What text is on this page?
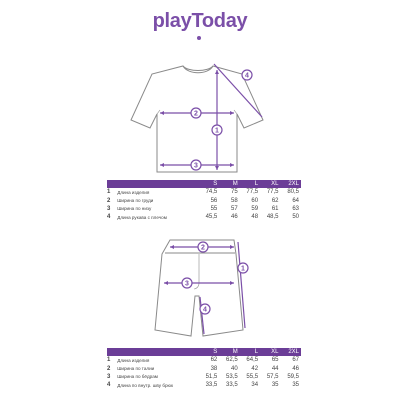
playToday
2
1
3
4
		S	M	L	XL	2XL
1	Длина изделия	74,5	75	77,5	77,5	80,5
2	Ширина по груди	56	58	60	62	64
3	Ширина по низу	55	57	59	61	63
4	Длина рукава с плечом	45,5	46	48	48,5	50
2
1
3
4
		S	M	L	XL	2XL
1	Длина изделия	62	62,5	64,5	65	67
2	Ширина по талии	38	40	42	44	46
3	Ширина по бёдрам	51,5	53,5	55,5	57,5	59,5
4	Длина по внутр. шву брюк	33,5	33,5	34	35	35
